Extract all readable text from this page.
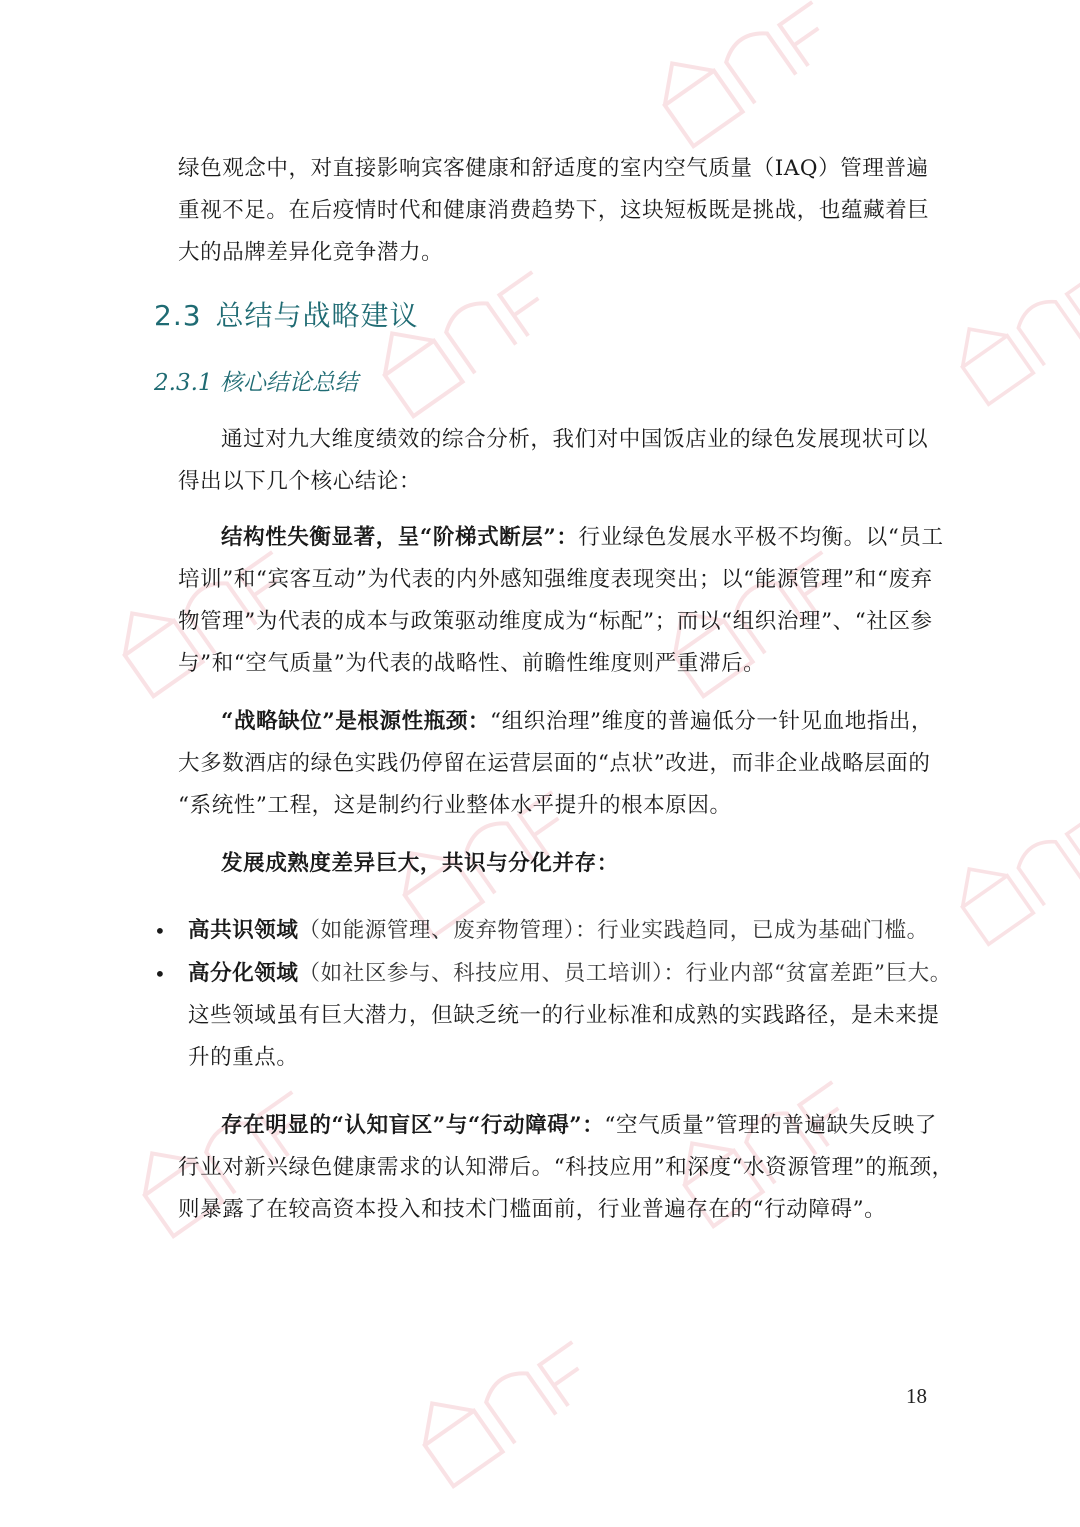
绿色观念中，对直接影响宾客健康和舒适度的室内空气质量（IAQ）管理普遍
重视不足。在后疫情时代和健康消费趋势下，这块短板既是挑战，也蕴藏着巨
大的品牌差异化竞争潜力。
2.3 总结与战略建议
2.3.1 核心结论总结
通过对九大维度绩效的综合分析，我们对中国饭店业的绿色发展现状可以
得出以下几个核心结论：
结构性失衡显著，呈“阶梯式断层”：行业绿色发展水平极不均衡。以“员工
培训”和“宾客互动”为代表的内外感知强维度表现突出；以“能源管理”和“废弃
物管理”为代表的成本与政策驱动维度成为“标配”；而以“组织治理”、“社区参
与”和“空气质量”为代表的战略性、前瞻性维度则严重滞后。
“战略缺位”是根源性瓶颈：“组织治理”维度的普遍低分一针见血地指出，
大多数酒店的绿色实践仍停留在运营层面的“点状”改进，而非企业战略层面的
“系统性”工程，这是制约行业整体水平提升的根本原因。
发展成熟度差异巨大，共识与分化并存：
•	高共识领域（如能源管理、废弃物管理）：行业实践趋同，已成为基础门槛。
•	高分化领域（如社区参与、科技应用、员工培训）：行业内部“贫富差距”巨大。
这些领域虽有巨大潜力，但缺乏统一的行业标准和成熟的实践路径，是未来提
升的重点。
存在明显的“认知盲区”与“行动障碍”：“空气质量”管理的普遍缺失反映了
行业对新兴绿色健康需求的认知滞后。“科技应用”和深度“水资源管理”的瓶颈，
则暴露了在较高资本投入和技术门槛面前，行业普遍存在的“行动障碍”。
18
